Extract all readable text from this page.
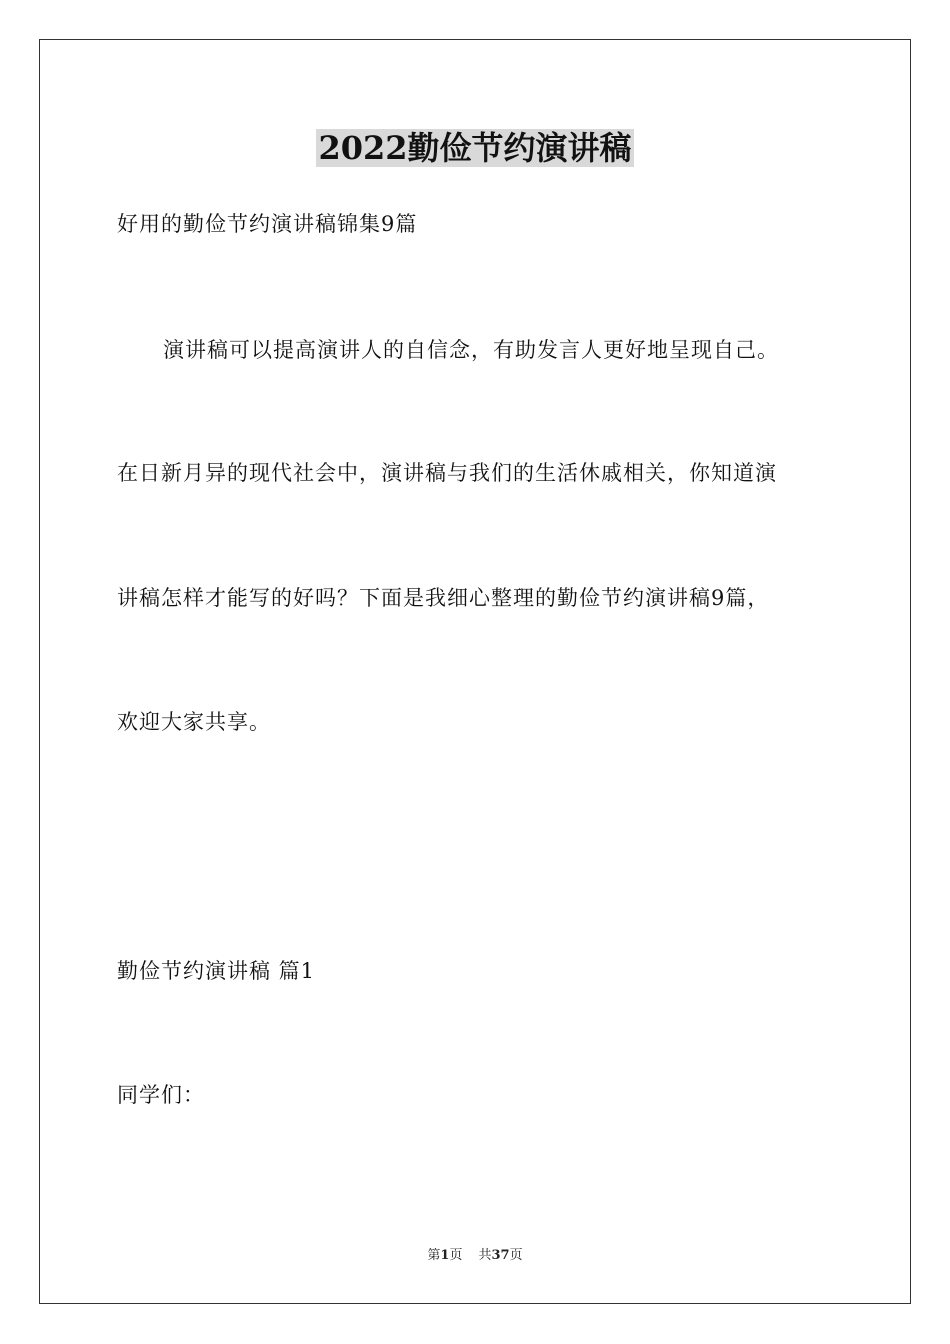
2022勤俭节约演讲稿

好用的勤俭节约演讲稿锦集9篇

演讲稿可以提高演讲人的自信念，有助发言人更好地呈现自己。

在日新月异的现代社会中，演讲稿与我们的生活休戚相关，你知道演

讲稿怎样才能写的好吗？下面是我细心整理的勤俭节约演讲稿9篇，

欢迎大家共享。

勤俭节约演讲稿 篇1

同学们：

第1页 共37页
